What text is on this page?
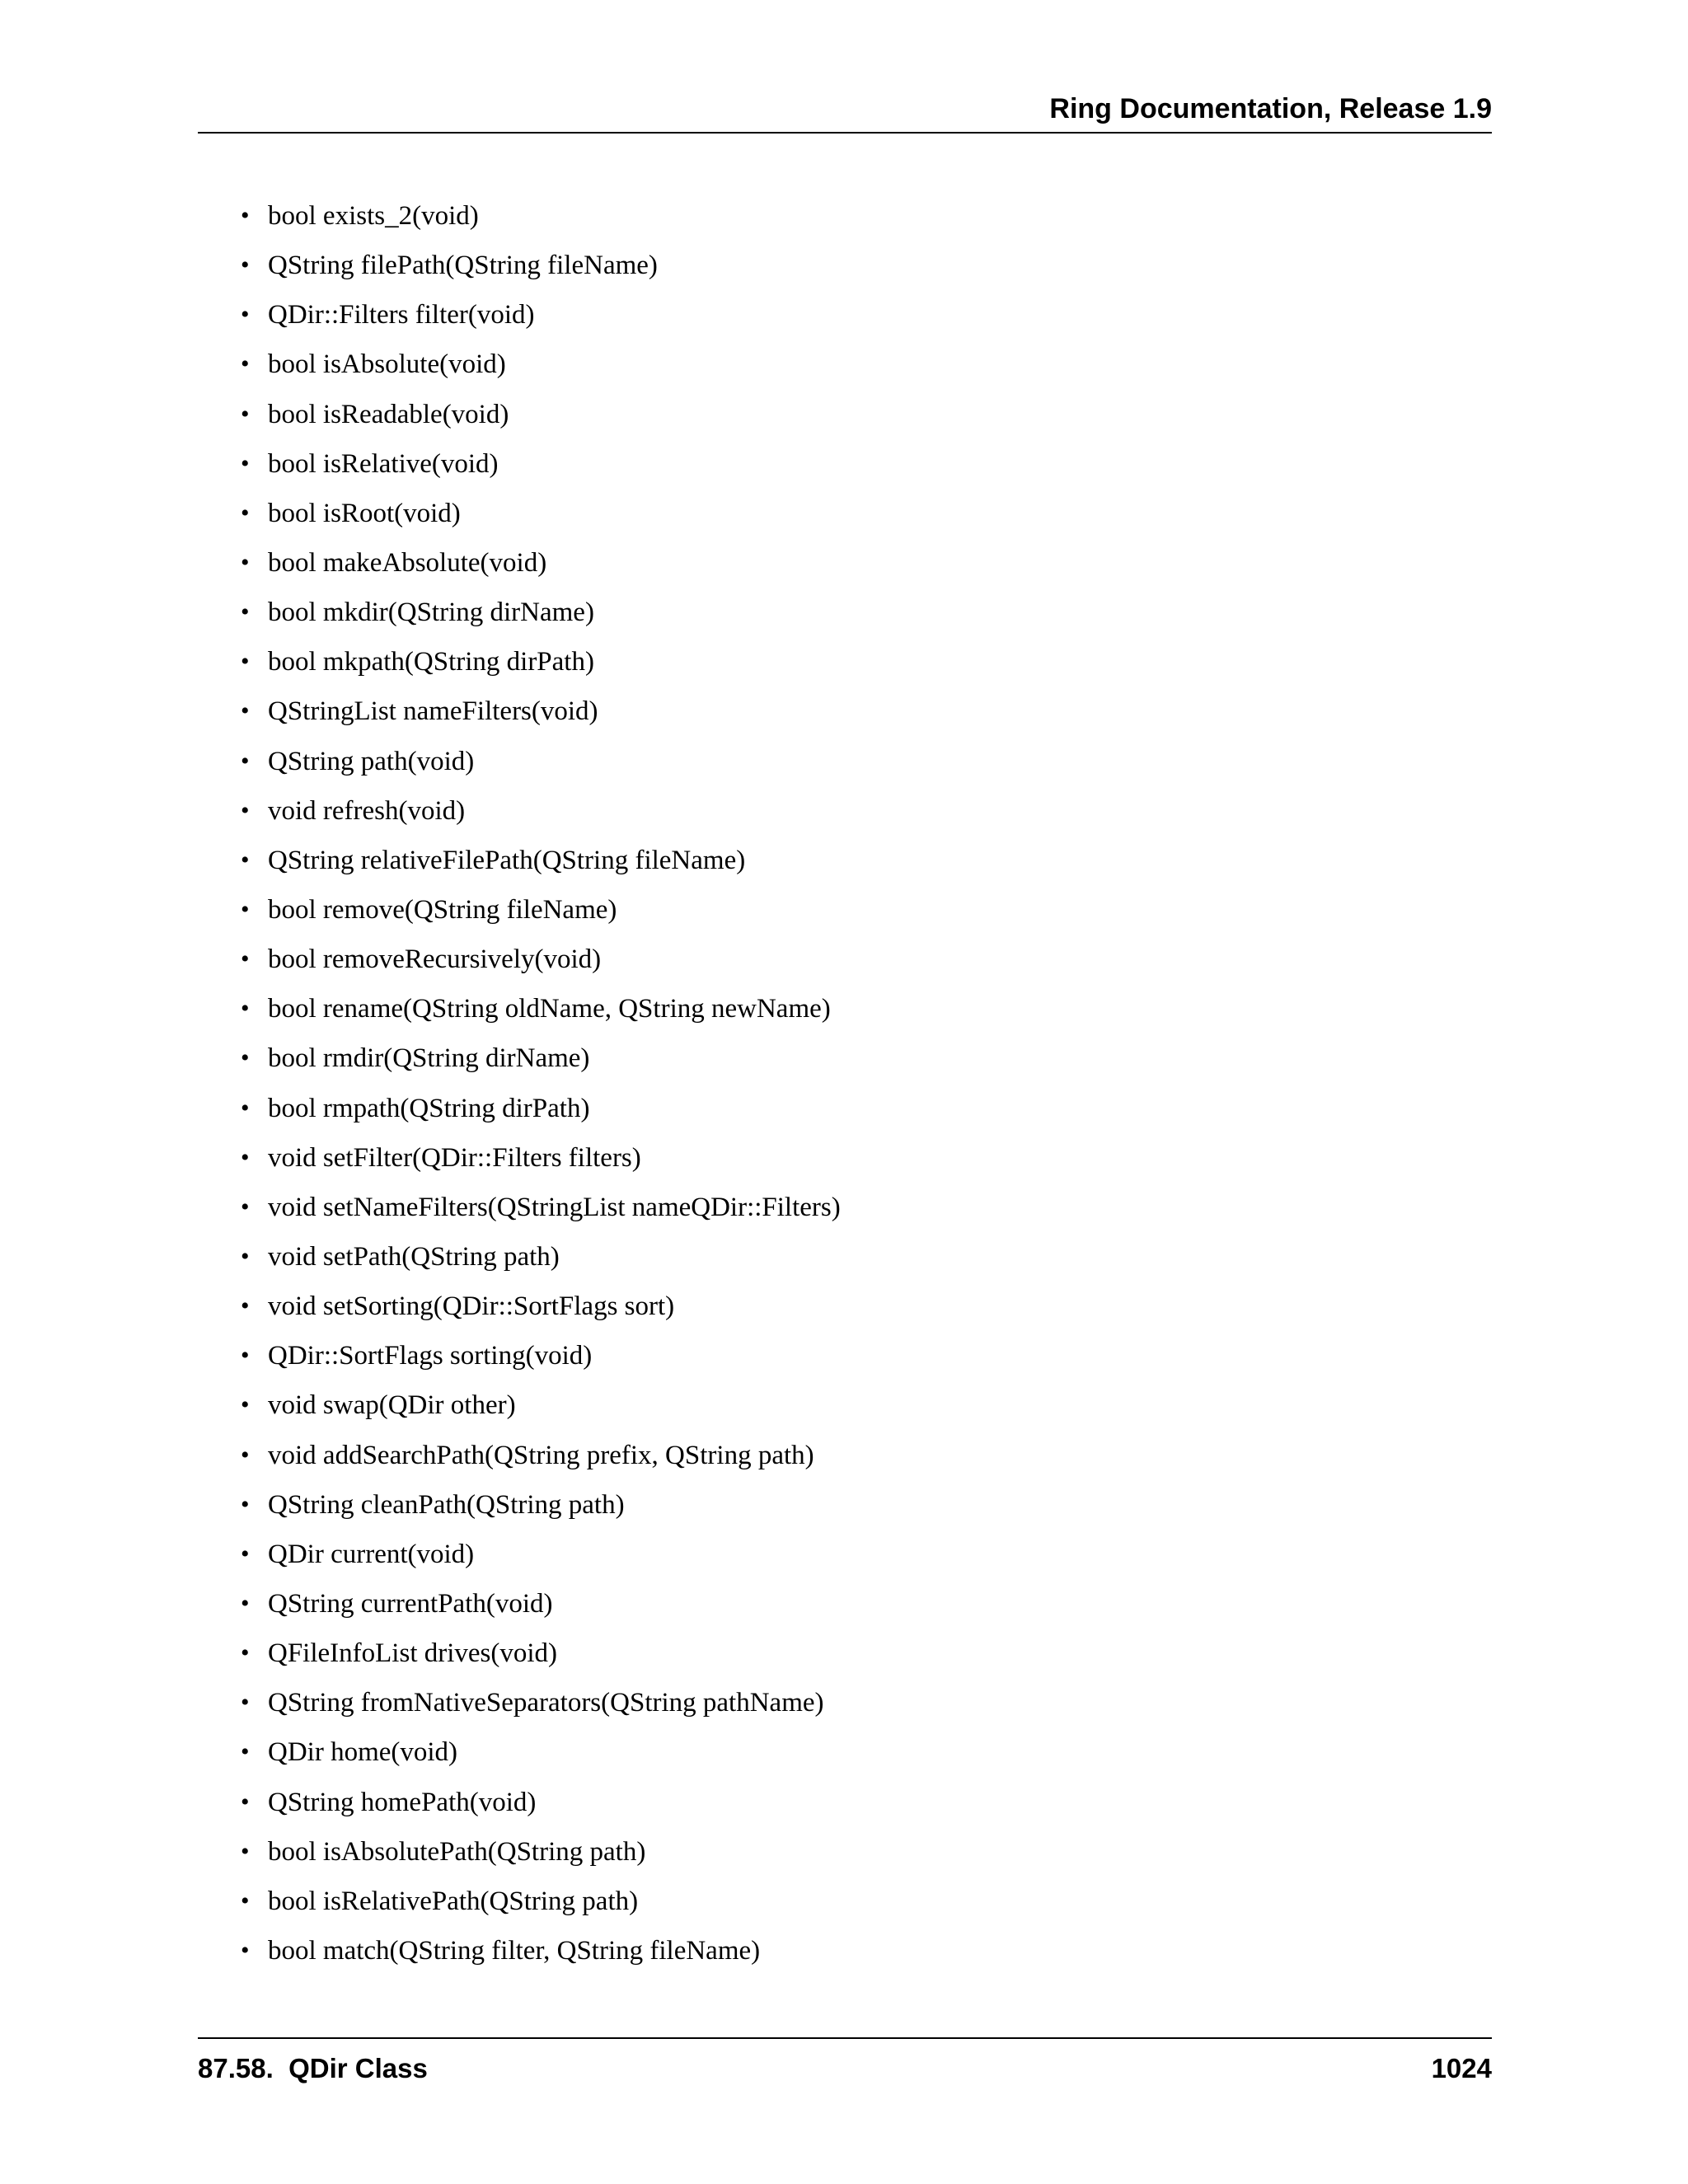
Ring Documentation, Release 1.9
• bool exists_2(void)
• QString filePath(QString fileName)
• QDir::Filters filter(void)
• bool isAbsolute(void)
• bool isReadable(void)
• bool isRelative(void)
• bool isRoot(void)
• bool makeAbsolute(void)
• bool mkdir(QString dirName)
• bool mkpath(QString dirPath)
• QStringList nameFilters(void)
• QString path(void)
• void refresh(void)
• QString relativeFilePath(QString fileName)
• bool remove(QString fileName)
• bool removeRecursively(void)
• bool rename(QString oldName, QString newName)
• bool rmdir(QString dirName)
• bool rmpath(QString dirPath)
• void setFilter(QDir::Filters filters)
• void setNameFilters(QStringList nameQDir::Filters)
• void setPath(QString path)
• void setSorting(QDir::SortFlags sort)
• QDir::SortFlags sorting(void)
• void swap(QDir other)
• void addSearchPath(QString prefix, QString path)
• QString cleanPath(QString path)
• QDir current(void)
• QString currentPath(void)
• QFileInfoList drives(void)
• QString fromNativeSeparators(QString pathName)
• QDir home(void)
• QString homePath(void)
• bool isAbsolutePath(QString path)
• bool isRelativePath(QString path)
• bool match(QString filter, QString fileName)
87.58.  QDir Class	1024
